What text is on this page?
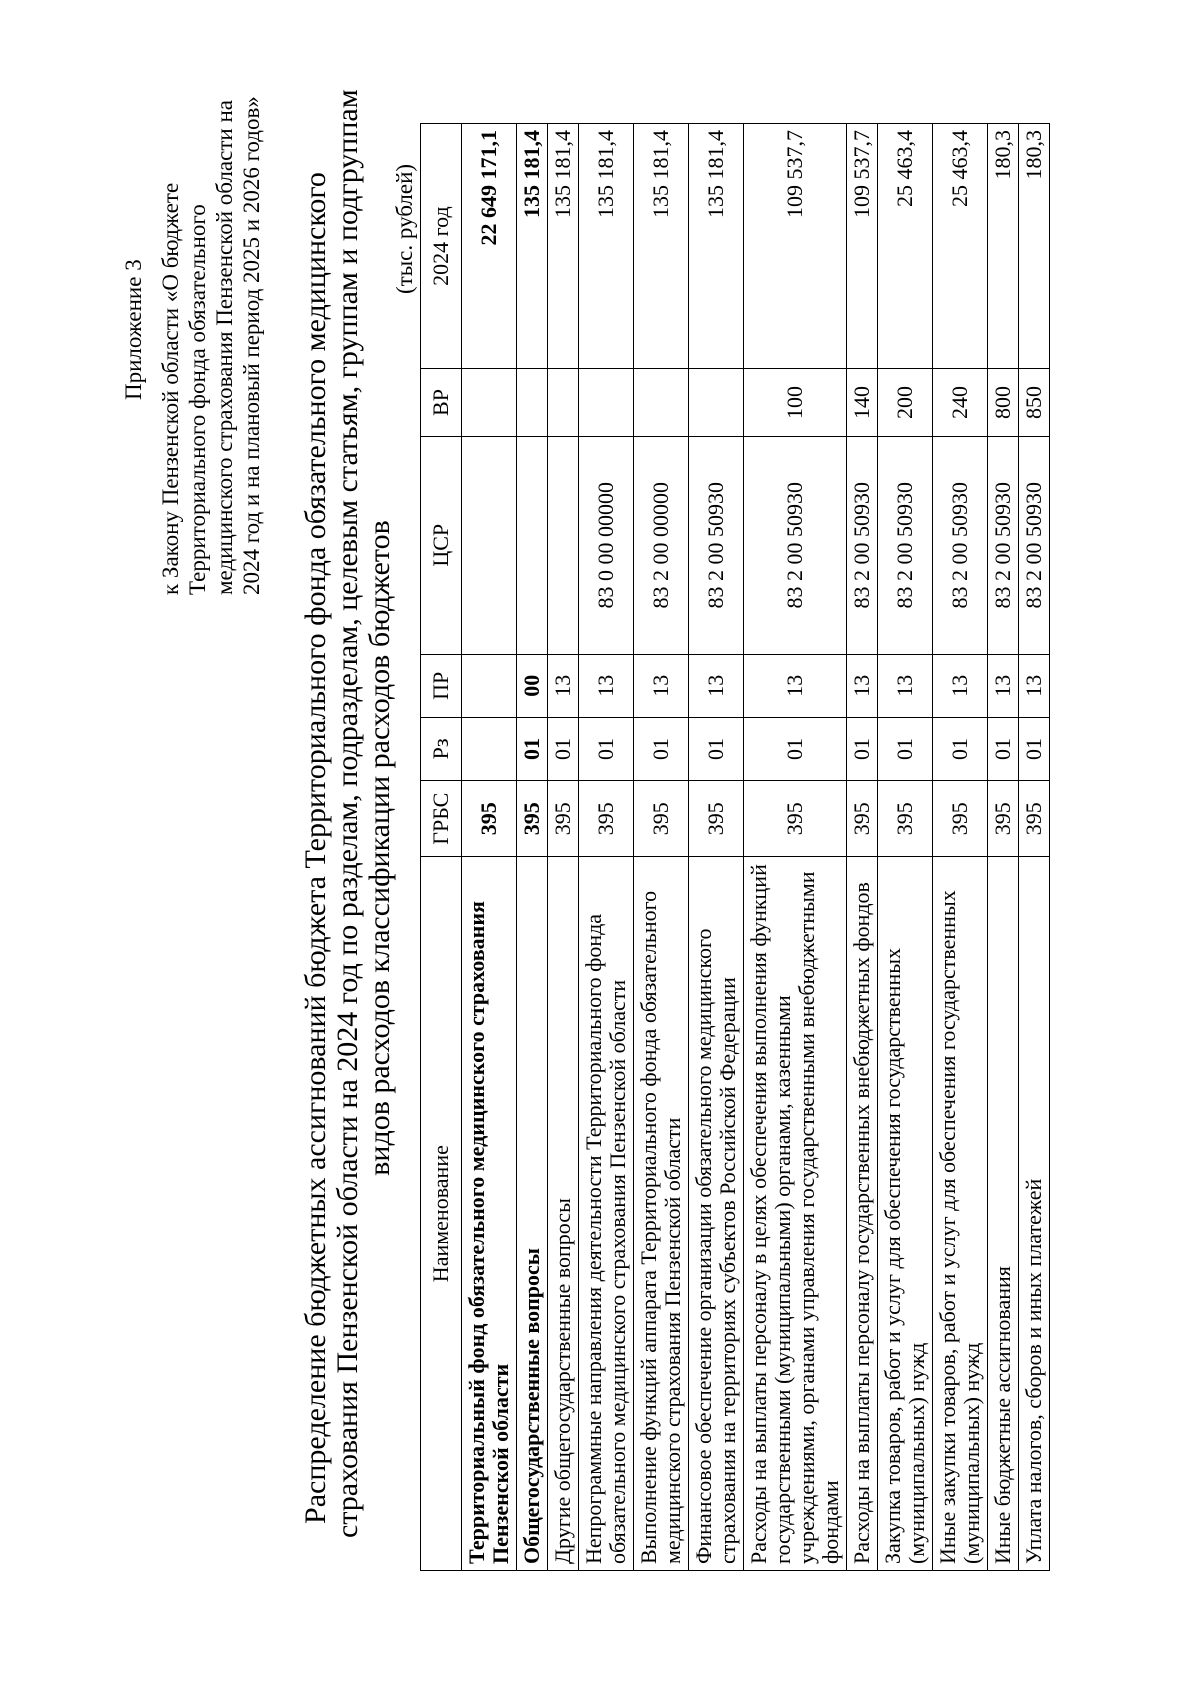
Приложение 3 к Закону Пензенской области «О бюджете Территориального фонда обязательного медицинского страхования Пензенской области на 2024 год и на плановый период 2025 и 2026 годов» Распределение бюджетных ассигнований бюджета Территориального фонда обязательного медицинского страхования Пензенской области на 2024 год по разделам, подразделам, целевым статьям, группам и подгруппам видов расходов классификации расходов бюджетов
(тыс. рублей)
Наименование	ГРБС	Рз	ПР	ЦСР	ВР	2024 год
Территориальный фонд обязательного медицинского страхования Пензенской области	395					22 649 171,1
Общегосударственные вопросы	395	01	00			135 181,4
Другие общегосударственные вопросы	395	01	13			135 181,4
Непрограммные направления деятельности Территориального фонда обязательного медицинского страхования Пензенской области	395	01	13	83 0 00 00000		135 181,4
Выполнение функций аппарата Территориального фонда обязательного медицинского страхования Пензенской области	395	01	13	83 2 00 00000		135 181,4
Финансовое обеспечение организации обязательного медицинского страхования на территориях субъектов Российской Федерации	395	01	13	83 2 00 50930		135 181,4
Расходы на выплаты персоналу в целях обеспечения выполнения функций государственными (муниципальными) органами, казенными учреждениями, органами управления государственными внебюджетными фондами	395	01	13	83 2 00 50930	100	109 537,7
Расходы на выплаты персоналу государственных внебюджетных фондов	395	01	13	83 2 00 50930	140	109 537,7
Закупка товаров, работ и услуг для обеспечения государственных (муниципальных) нужд	395	01	13	83 2 00 50930	200	25 463,4
Иные закупки товаров, работ и услуг для обеспечения государственных (муниципальных) нужд	395	01	13	83 2 00 50930	240	25 463,4
Иные бюджетные ассигнования	395	01	13	83 2 00 50930	800	180,3
Уплата налогов, сборов и иных платежей	395	01	13	83 2 00 50930	850	180,3
